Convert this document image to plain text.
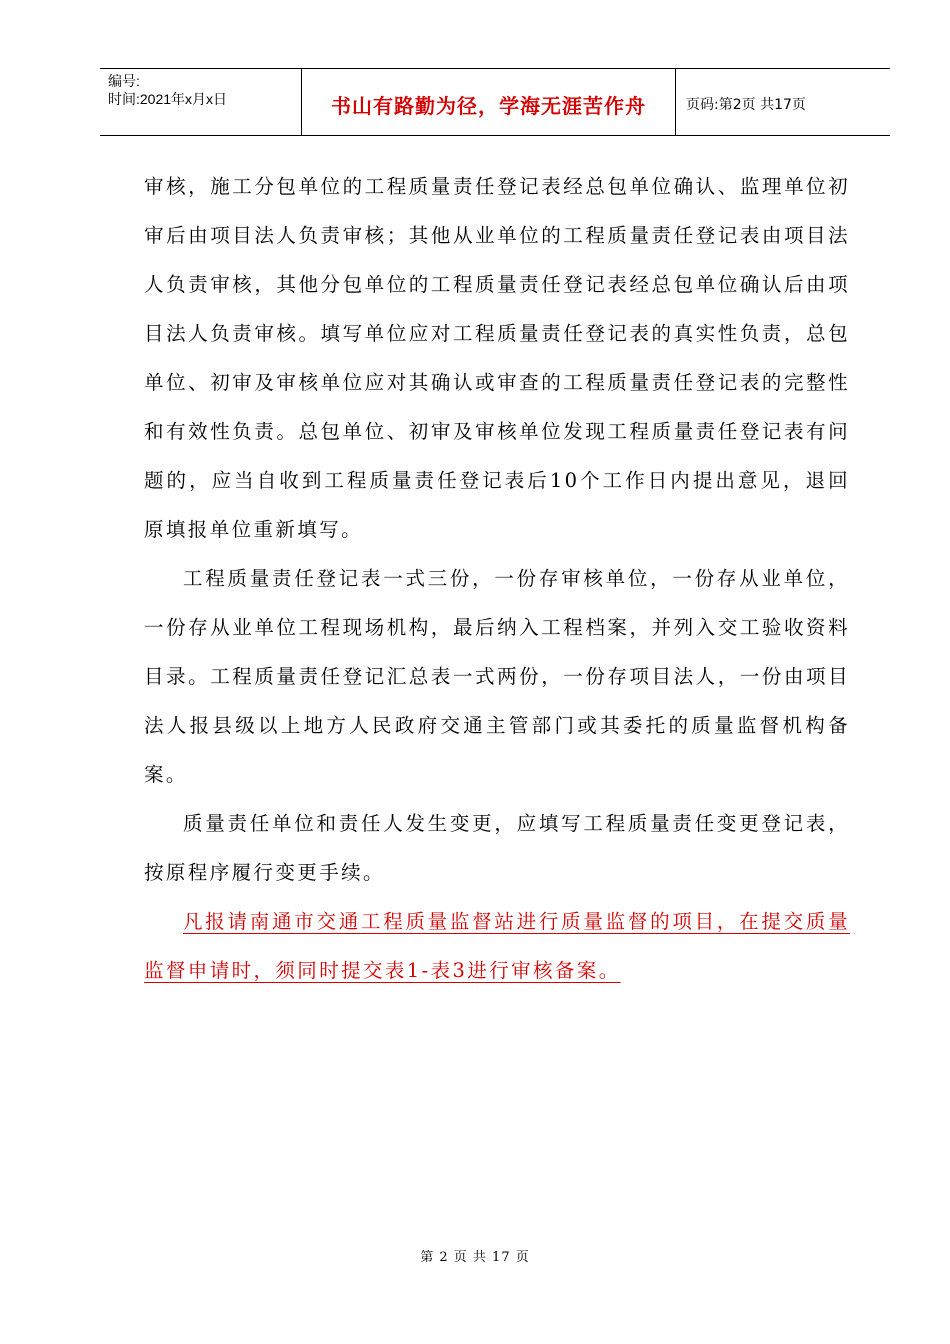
编号:
时间:2021年x月x日	书山有路勤为径，学海无涯苦作舟	页码:第2页 共17页

审核，施工分包单位的工程质量责任登记表经总包单位确认、监理单位初审后由项目法人负责审核；其他从业单位的工程质量责任登记表由项目法人负责审核，其他分包单位的工程质量责任登记表经总包单位确认后由项目法人负责审核。填写单位应对工程质量责任登记表的真实性负责，总包单位、初审及审核单位应对其确认或审查的工程质量责任登记表的完整性和有效性负责。总包单位、初审及审核单位发现工程质量责任登记表有问题的，应当自收到工程质量责任登记表后10个工作日内提出意见，退回原填报单位重新填写。

工程质量责任登记表一式三份，一份存审核单位，一份存从业单位，一份存从业单位工程现场机构，最后纳入工程档案，并列入交工验收资料目录。工程质量责任登记汇总表一式两份，一份存项目法人，一份由项目法人报县级以上地方人民政府交通主管部门或其委托的质量监督机构备案。

质量责任单位和责任人发生变更，应填写工程质量责任变更登记表，按原程序履行变更手续。

凡报请南通市交通工程质量监督站进行质量监督的项目，在提交质量监督申请时，须同时提交表1-表3进行审核备案。

第 2 页 共 17 页
